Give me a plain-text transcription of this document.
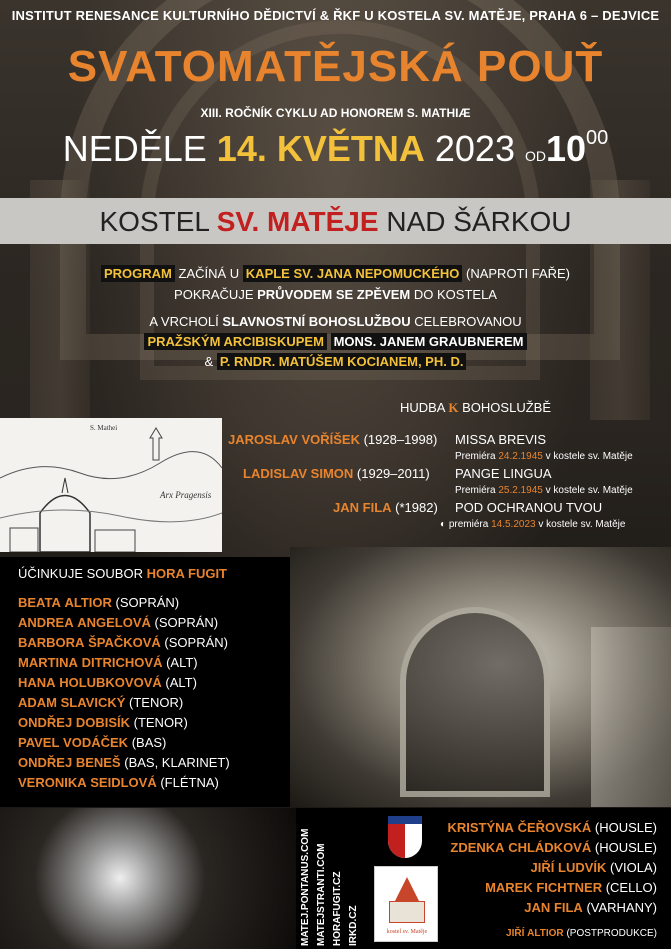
INSTITUT RENESANCE KULTURNÍHO DĚDICTVÍ & ŘKF U KOSTELA SV. MATĚJE, PRAHA 6 – DEJVICE
SVATOMATĚJSKÁ POUŤ
XIII. ROČNÍK CYKLU AD HONOREM S. MATHIÆ
NEDĚLE 14. KVĚTNA 2023 $OD10^{00}$
KOSTEL SV. MATĚJE NAD ŠÁRKOU
PROGRAM ZAČÍNÁ U KAPLE SV. JANA NEPOMUCKÉHO (NAPROTI FAŘE)
POKRAČUJE PRŮVODEM SE ZPĚVEM DO KOSTELA
A VRCHOLÍ SLAVNOSTNÍ BOHOSLUŽBOU CELEBROVANOU
PRAŽSKÝM ARCIBISKUPEM MONS. JANEM GRAUBNEREM
& P. RNDR. MATÚŠEM KOCIANEM, PH. D.
HUDBA K BOHOSLUŽBĚ
S. Mathei
Arx Pragensis
JAROSLAV VOŘÍŠEK (1928–1998) MISSA BREVIS
Premiéra 24.2.1945 v kostele sv. Matěje
LADISLAV SIMON (1929–2011) PANGE LINGUA
Premiéra 25.2.1945 v kostele sv. Matěje
JAN FILA (*1982) POD OCHRANOU TVOU
◐ premiéra 14.5.2023 v kostele sv. Matěje
ÚČINKUJE SOUBOR HORA FUGIT
BEATA ALTIOR (SOPRÁN)
ANDREA ANGELOVÁ (SOPRÁN)
BARBORA ŠPAČKOVÁ (SOPRÁN)
MARTINA DITRICHOVÁ (ALT)
HANA HOLUBKOVOVÁ (ALT)
ADAM SLAVICKÝ (TENOR)
ONDŘEJ DOBISÍK (TENOR)
PAVEL VODÁČEK (BAS)
ONDŘEJ BENEŠ (BAS, KLARINET)
VERONIKA SEIDLOVÁ (FLÉTNA)
MATEJ.PONTANUS.COM MATEJSTRANTI.COM HORAFUGIT.CZ IRKD.CZ	kostel sv. Matěje
KRISTÝNA ČEŘOVSKÁ (HOUSLE)
ZDENKA CHLÁDKOVÁ (HOUSLE)
JIŘÍ LUDVÍK (VIOLA)
MAREK FICHTNER (CELLO)
JAN FILA (VARHANY)
JIŘÍ ALTIOR (POSTPRODUKCE)
